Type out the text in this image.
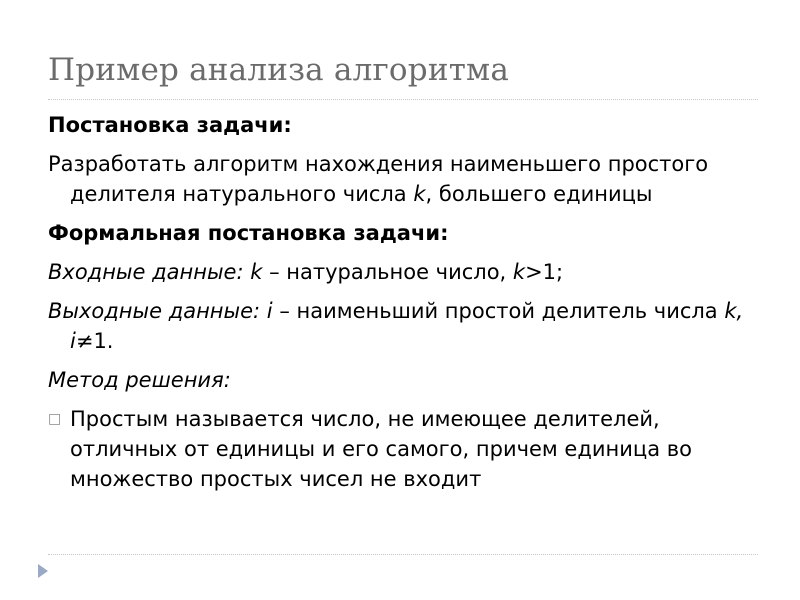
Пример анализа алгоритма

Постановка задачи:

Разработать алгоритм нахождения наименьшего простого делителя натурального числа k, большего единицы

Формальная постановка задачи:

Входные данные: k – натуральное число, k>1;

Выходные данные: i – наименьший простой делитель числа k, i≠1.

Метод решения:

□ Простым называется число, не имеющее делителей, отличных от единицы и его самого, причем единица во множество простых чисел не входит
